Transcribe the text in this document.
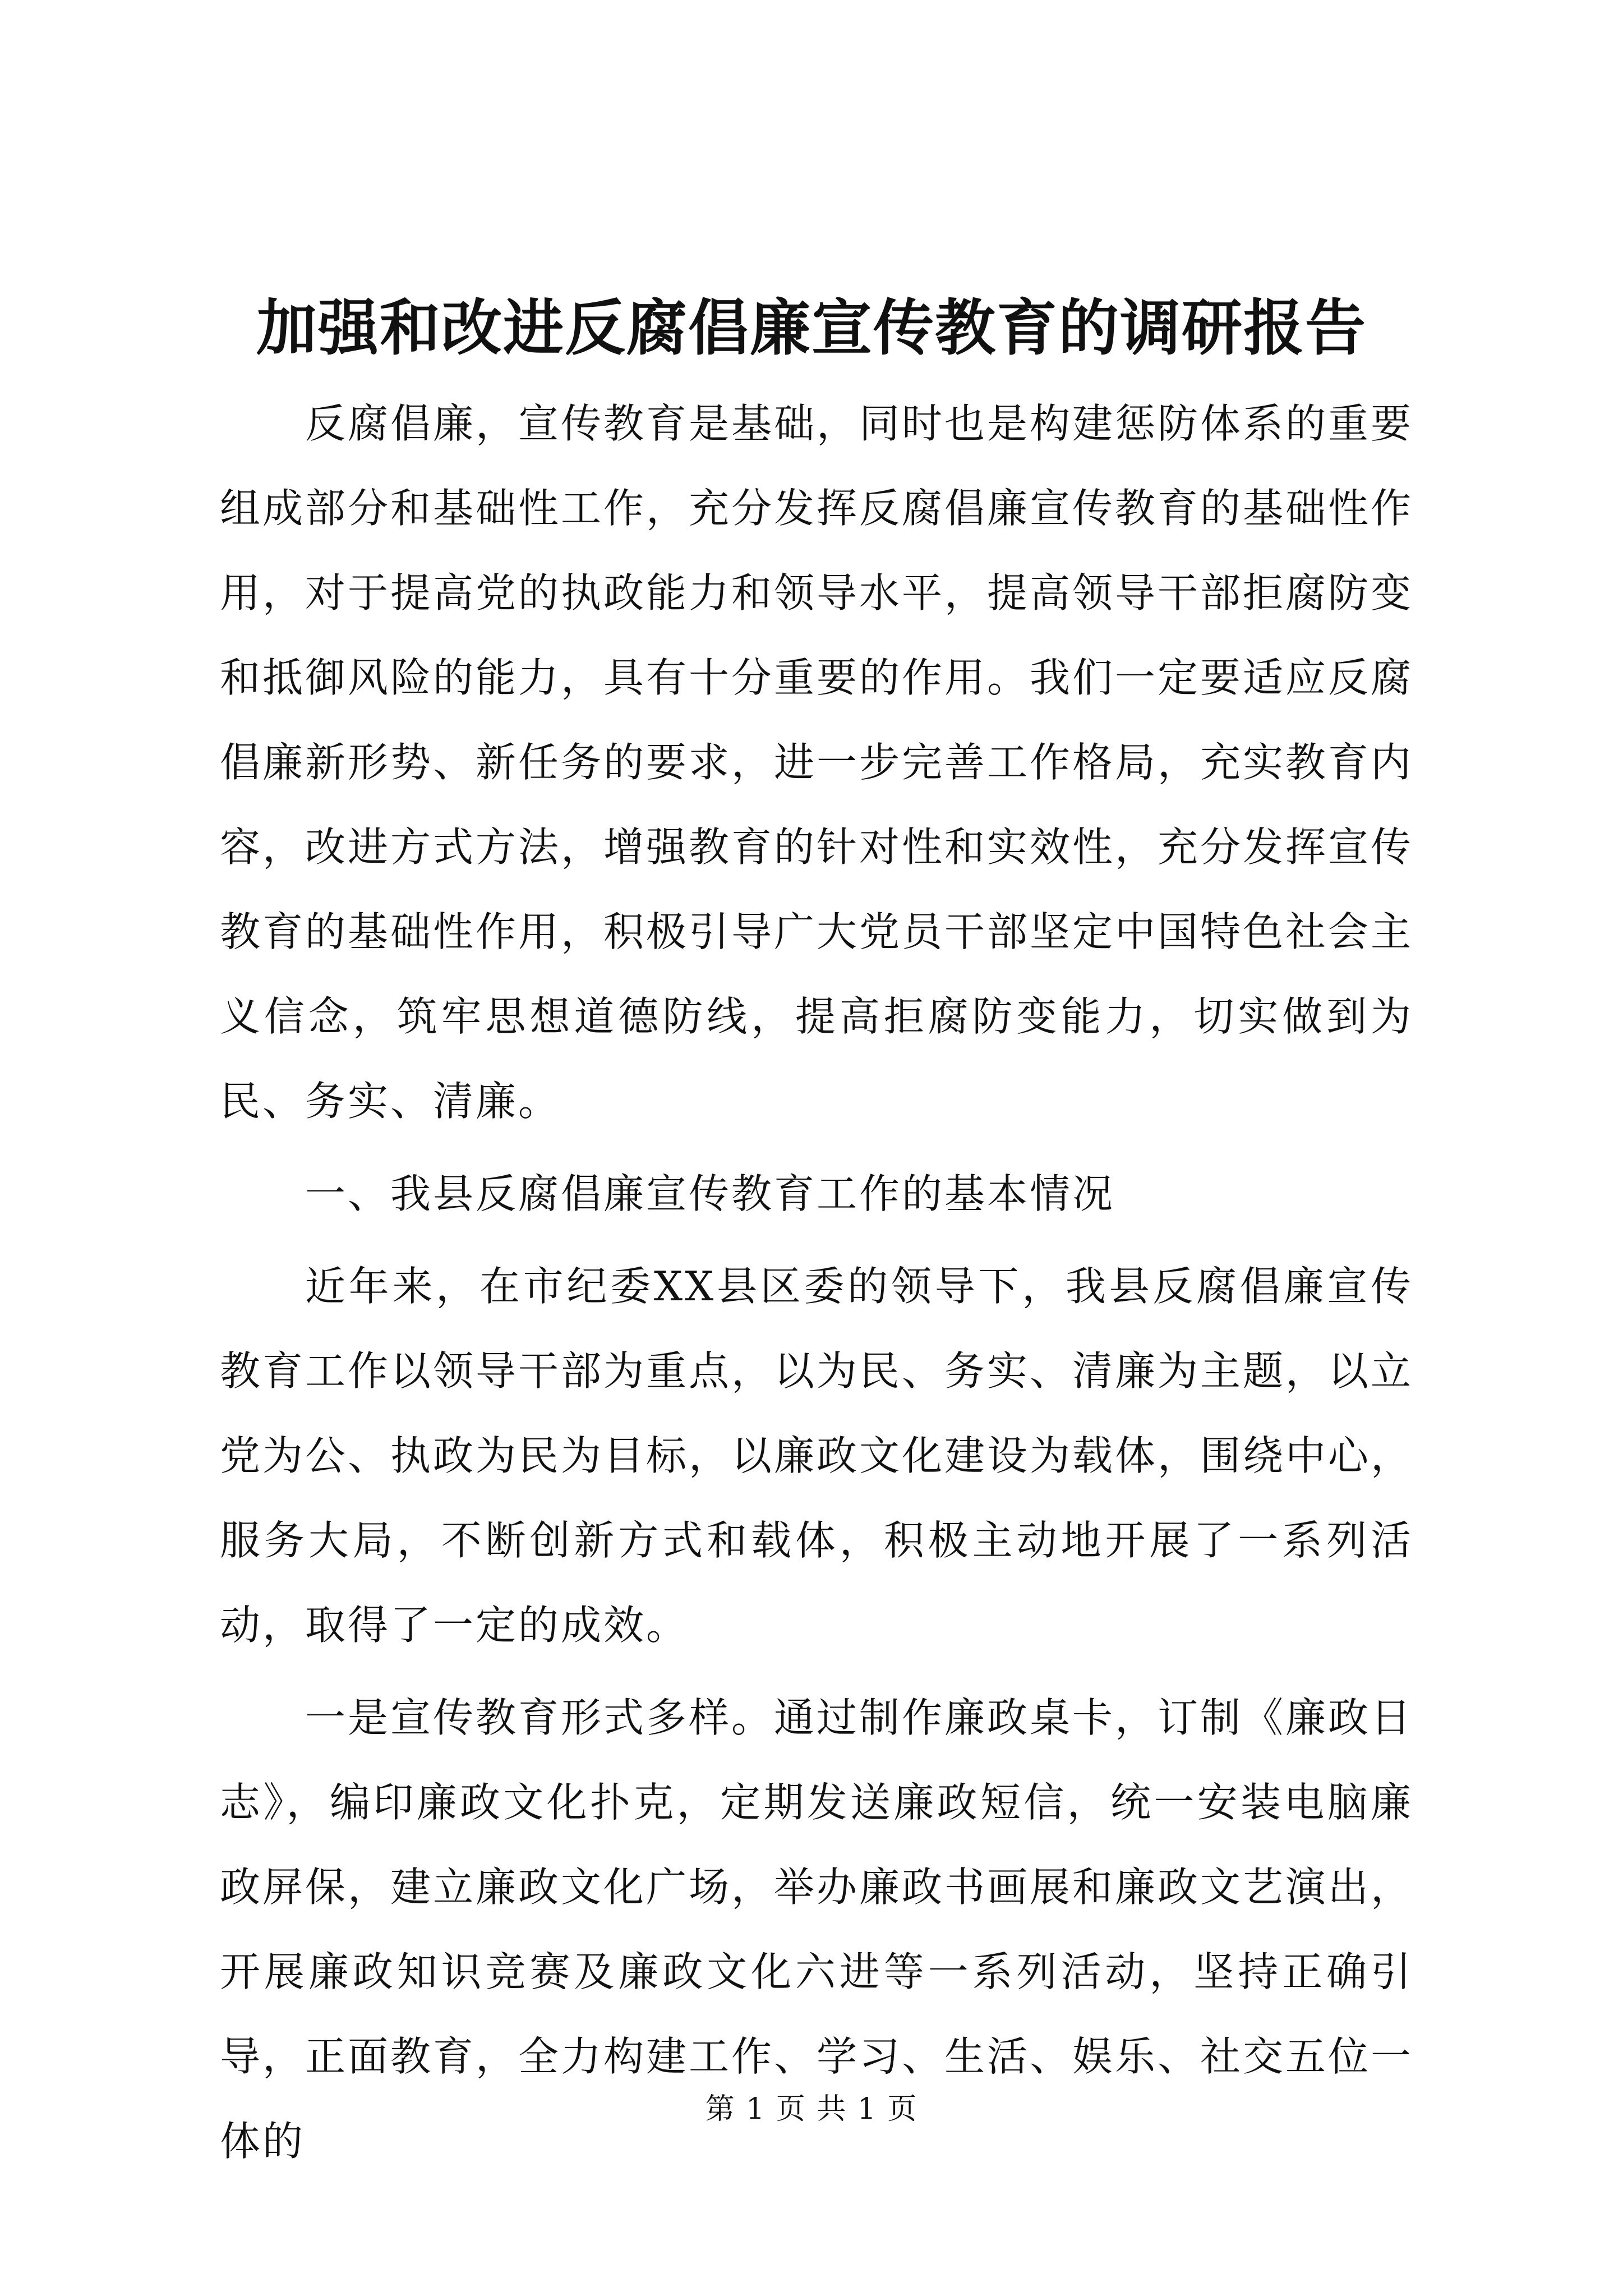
加强和改进反腐倡廉宣传教育的调研报告

反腐倡廉，宣传教育是基础，同时也是构建惩防体系的重要组成部分和基础性工作，充分发挥反腐倡廉宣传教育的基础性作用，对于提高党的执政能力和领导水平，提高领导干部拒腐防变和抵御风险的能力，具有十分重要的作用。我们一定要适应反腐倡廉新形势、新任务的要求，进一步完善工作格局，充实教育内容，改进方式方法，增强教育的针对性和实效性，充分发挥宣传教育的基础性作用，积极引导广大党员干部坚定中国特色社会主义信念，筑牢思想道德防线，提高拒腐防变能力，切实做到为民、务实、清廉。

一、我县反腐倡廉宣传教育工作的基本情况

近年来，在市纪委XX县区委的领导下，我县反腐倡廉宣传教育工作以领导干部为重点，以为民、务实、清廉为主题，以立党为公、执政为民为目标，以廉政文化建设为载体，围绕中心，服务大局，不断创新方式和载体，积极主动地开展了一系列活动，取得了一定的成效。

一是宣传教育形式多样。通过制作廉政桌卡，订制《廉政日志》，编印廉政文化扑克，定期发送廉政短信，统一安装电脑廉政屏保，建立廉政文化广场，举办廉政书画展和廉政文艺演出，开展廉政知识竞赛及廉政文化六进等一系列活动，坚持正确引导，正面教育，全力构建工作、学习、生活、娱乐、社交五位一体的

第 1 页 共 1 页
